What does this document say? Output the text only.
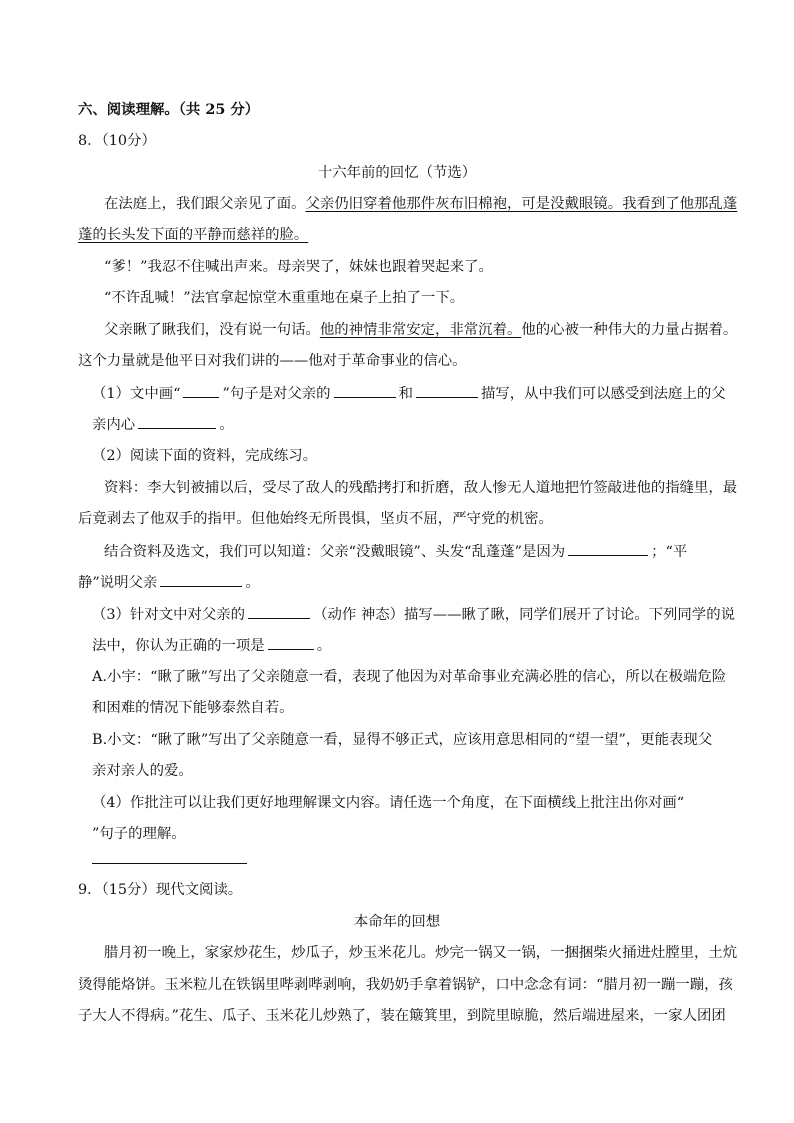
六、阅读理解。（共 25 分）
8．（10分）
十六年前的回忆（节选）
在法庭上，我们跟父亲见了面。父亲仍旧穿着他那件灰布旧棉袍，可是没戴眼镜。我看到了他那乱蓬
蓬的长头发下面的平静而慈祥的脸。
“爹！”我忍不住喊出声来。母亲哭了，妹妹也跟着哭起来了。
“不许乱喊！”法官拿起惊堂木重重地在桌子上拍了一下。
父亲瞅了瞅我们，没有说一句话。他的神情非常安定，非常沉着。他的心被一种伟大的力量占据着。
这个力量就是他平日对我们讲的——他对于革命事业的信心。
（1）文中画“	”句子是对父亲的	和	描写，从中我们可以感受到法庭上的父
亲内心	。
（2）阅读下面的资料，完成练习。
资料：李大钊被捕以后，受尽了敌人的残酷拷打和折磨，敌人惨无人道地把竹签敲进他的指缝里，最
后竟剥去了他双手的指甲。但他始终无所畏惧，坚贞不屈，严守党的机密。
结合资料及选文，我们可以知道：父亲“没戴眼镜”、头发“乱蓬蓬”是因为	；“平
静”说明父亲	。
（3）针对文中对父亲的	（动作 神态）描写——瞅了瞅，同学们展开了讨论。下列同学的说
法中，你认为正确的一项是	。
A.小宇：“瞅了瞅”写出了父亲随意一看，表现了他因为对革命事业充满必胜的信心，所以在极端危险
和困难的情况下能够泰然自若。
B.小文：“瞅了瞅”写出了父亲随意一看，显得不够正式，应该用意思相同的“望一望”，更能表现父
亲对亲人的爱。
（4）作批注可以让我们更好地理解课文内容。请任选一个角度，在下面横线上批注出你对画“
”句子的理解。
9．（15分）现代文阅读。
本命年的回想
腊月初一晚上，家家炒花生，炒瓜子，炒玉米花儿。炒完一锅又一锅，一捆捆柴火捅进灶膛里，土炕
烫得能烙饼。玉米粒儿在铁锅里哔剥哔剥响，我奶奶手拿着锅铲，口中念念有词：“腊月初一蹦一蹦，孩
子大人不得病。”花生、瓜子、玉米花儿炒熟了，装在簸箕里，到院里晾脆，然后端进屋来，一家人团团
